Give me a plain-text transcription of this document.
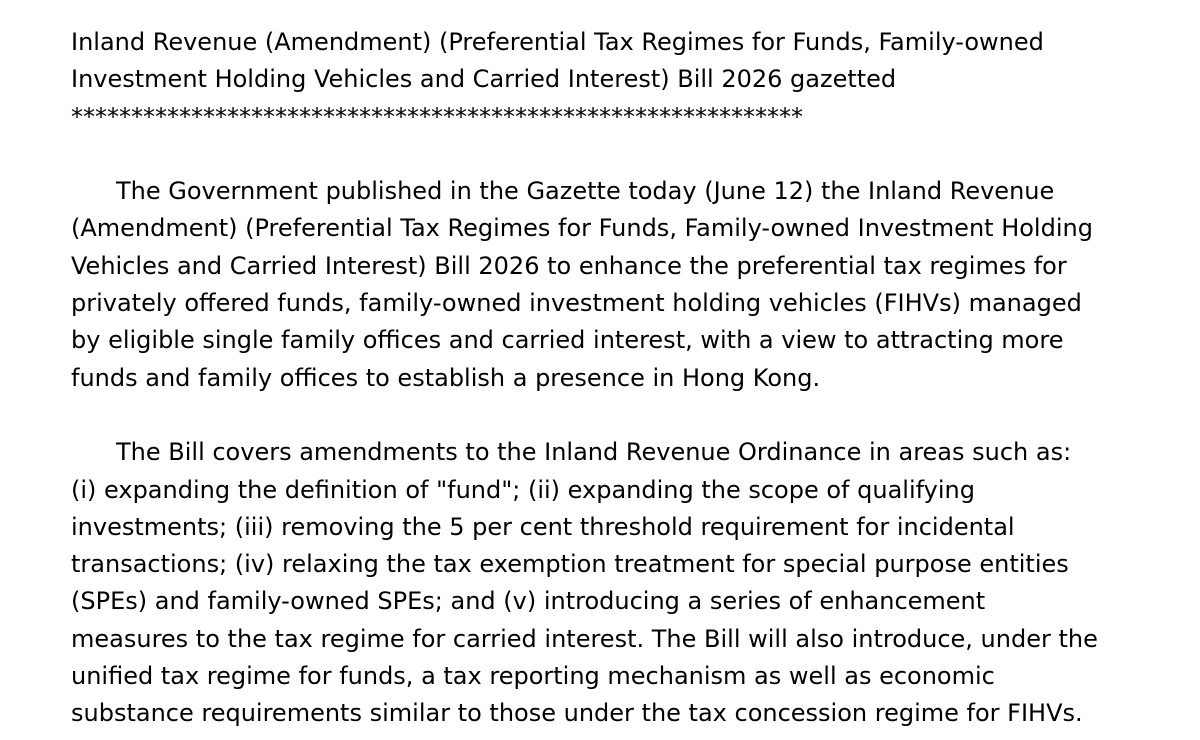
Inland Revenue (Amendment) (Preferential Tax Regimes for Funds, Family-owned
Investment Holding Vehicles and Carried Interest) Bill 2026 gazetted
*************************************************************
The Government published in the Gazette today (June 12) the Inland Revenue
(Amendment) (Preferential Tax Regimes for Funds, Family-owned Investment Holding
Vehicles and Carried Interest) Bill 2026 to enhance the preferential tax regimes for
privately offered funds, family-owned investment holding vehicles (FIHVs) managed
by eligible single family offices and carried interest, with a view to attracting more
funds and family offices to establish a presence in Hong Kong.
The Bill covers amendments to the Inland Revenue Ordinance in areas such as:
(i) expanding the definition of "fund"; (ii) expanding the scope of qualifying
investments; (iii) removing the 5 per cent threshold requirement for incidental
transactions; (iv) relaxing the tax exemption treatment for special purpose entities
(SPEs) and family-owned SPEs; and (v) introducing a series of enhancement
measures to the tax regime for carried interest. The Bill will also introduce, under the
unified tax regime for funds, a tax reporting mechanism as well as economic
substance requirements similar to those under the tax concession regime for FIHVs.
